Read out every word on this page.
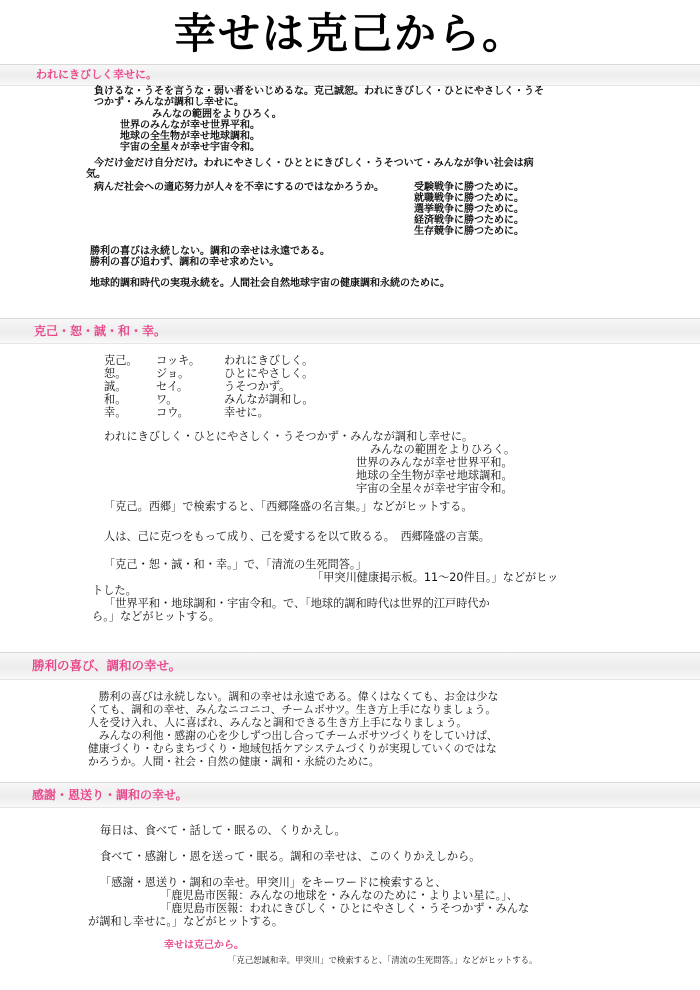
幸せは克己から。
われにきびしく幸せに。
負けるな・うそを言うな・弱い者をいじめるな。克己誠恕。われにきびしく・ひとにやさしく・うそ
つかず・みんなが調和し幸せに。
みんなの範囲をよりひろく。
世界のみんなが幸せ世界平和。
地球の全生物が幸せ地球調和。
宇宙の全星々が幸せ宇宙令和。
今だけ金だけ自分だけ。われにやさしく・ひととにきびしく・うそついて・みんなが争い社会は病
気。
病んだ社会への適応努力が人々を不幸にするのではなかろうか。	受験戦争に勝つために。
就職戦争に勝つために。
選挙戦争に勝つために。
経済戦争に勝つために。
生存競争に勝つために。
勝利の喜びは永続しない。調和の幸せは永遠である。
勝利の喜び追わず、調和の幸せ求めたい。
地球的調和時代の実現永続を。人間社会自然地球宇宙の健康調和永続のために。
克己・恕・誠・和・幸。
克己。
恕。
誠。
和。
幸。
コッキ。
ジョ。
セイ。
ワ。
コウ。
われにきびしく。
ひとにやさしく。
うそつかず。
みんなが調和し。
幸せに。
われにきびしく・ひとにやさしく・うそつかず・みんなが調和し幸せに。
みんなの範囲をよりひろく。
世界のみんなが幸せ世界平和。
地球の全生物が幸せ地球調和。
宇宙の全星々が幸せ宇宙令和。
「克己。西郷」で検索すると、「西郷隆盛の名言集。」などがヒットする。
人は、己に克つをもって成り、己を愛するを以て敗るる。　西郷隆盛の言葉。
「克己・恕・誠・和・幸。」で、「清流の生死問答。」
「甲突川健康掲示板。11～20件目。」などがヒッ
トした。
「世界平和・地球調和・宇宙令和。で、「地球的調和時代は世界的江戸時代か
ら。」などがヒットする。
勝利の喜び、調和の幸せ。
　勝利の喜びは永続しない。調和の幸せは永遠である。偉くはなくても、お金は少な
くても、調和の幸せ、みんなニコニコ、チームボサツ。生き方上手になりましょう。
人を受け入れ、人に喜ばれ、みんなと調和できる生き方上手になりましょう。
　みんなの利他・感謝の心を少しずつ出し合ってチームボサツづくりをしていけば、
健康づくり・むらまちづくり・地域包括ケアシステムづくりが実現していくのではな
かろうか。人間・社会・自然の健康・調和・永続のために。
感謝・恩送り・調和の幸せ。
毎日は、食べて・話して・眠るの、くりかえし。
食べて・感謝し・恩を送って・眠る。調和の幸せは、このくりかえしから。
「感謝・恩送り・調和の幸せ。甲突川」をキーワードに検索すると、
「鹿児島市医報：みんなの地球を・みんなのために・よりよい星に。」、
「鹿児島市医報：われにきびしく・ひとにやさしく・うそつかず・みんな
が調和し幸せに。」などがヒットする。
幸せは克己から。
「克己恕誠和幸。甲突川」で検索すると、「清流の生死問答。」などがヒットする。
